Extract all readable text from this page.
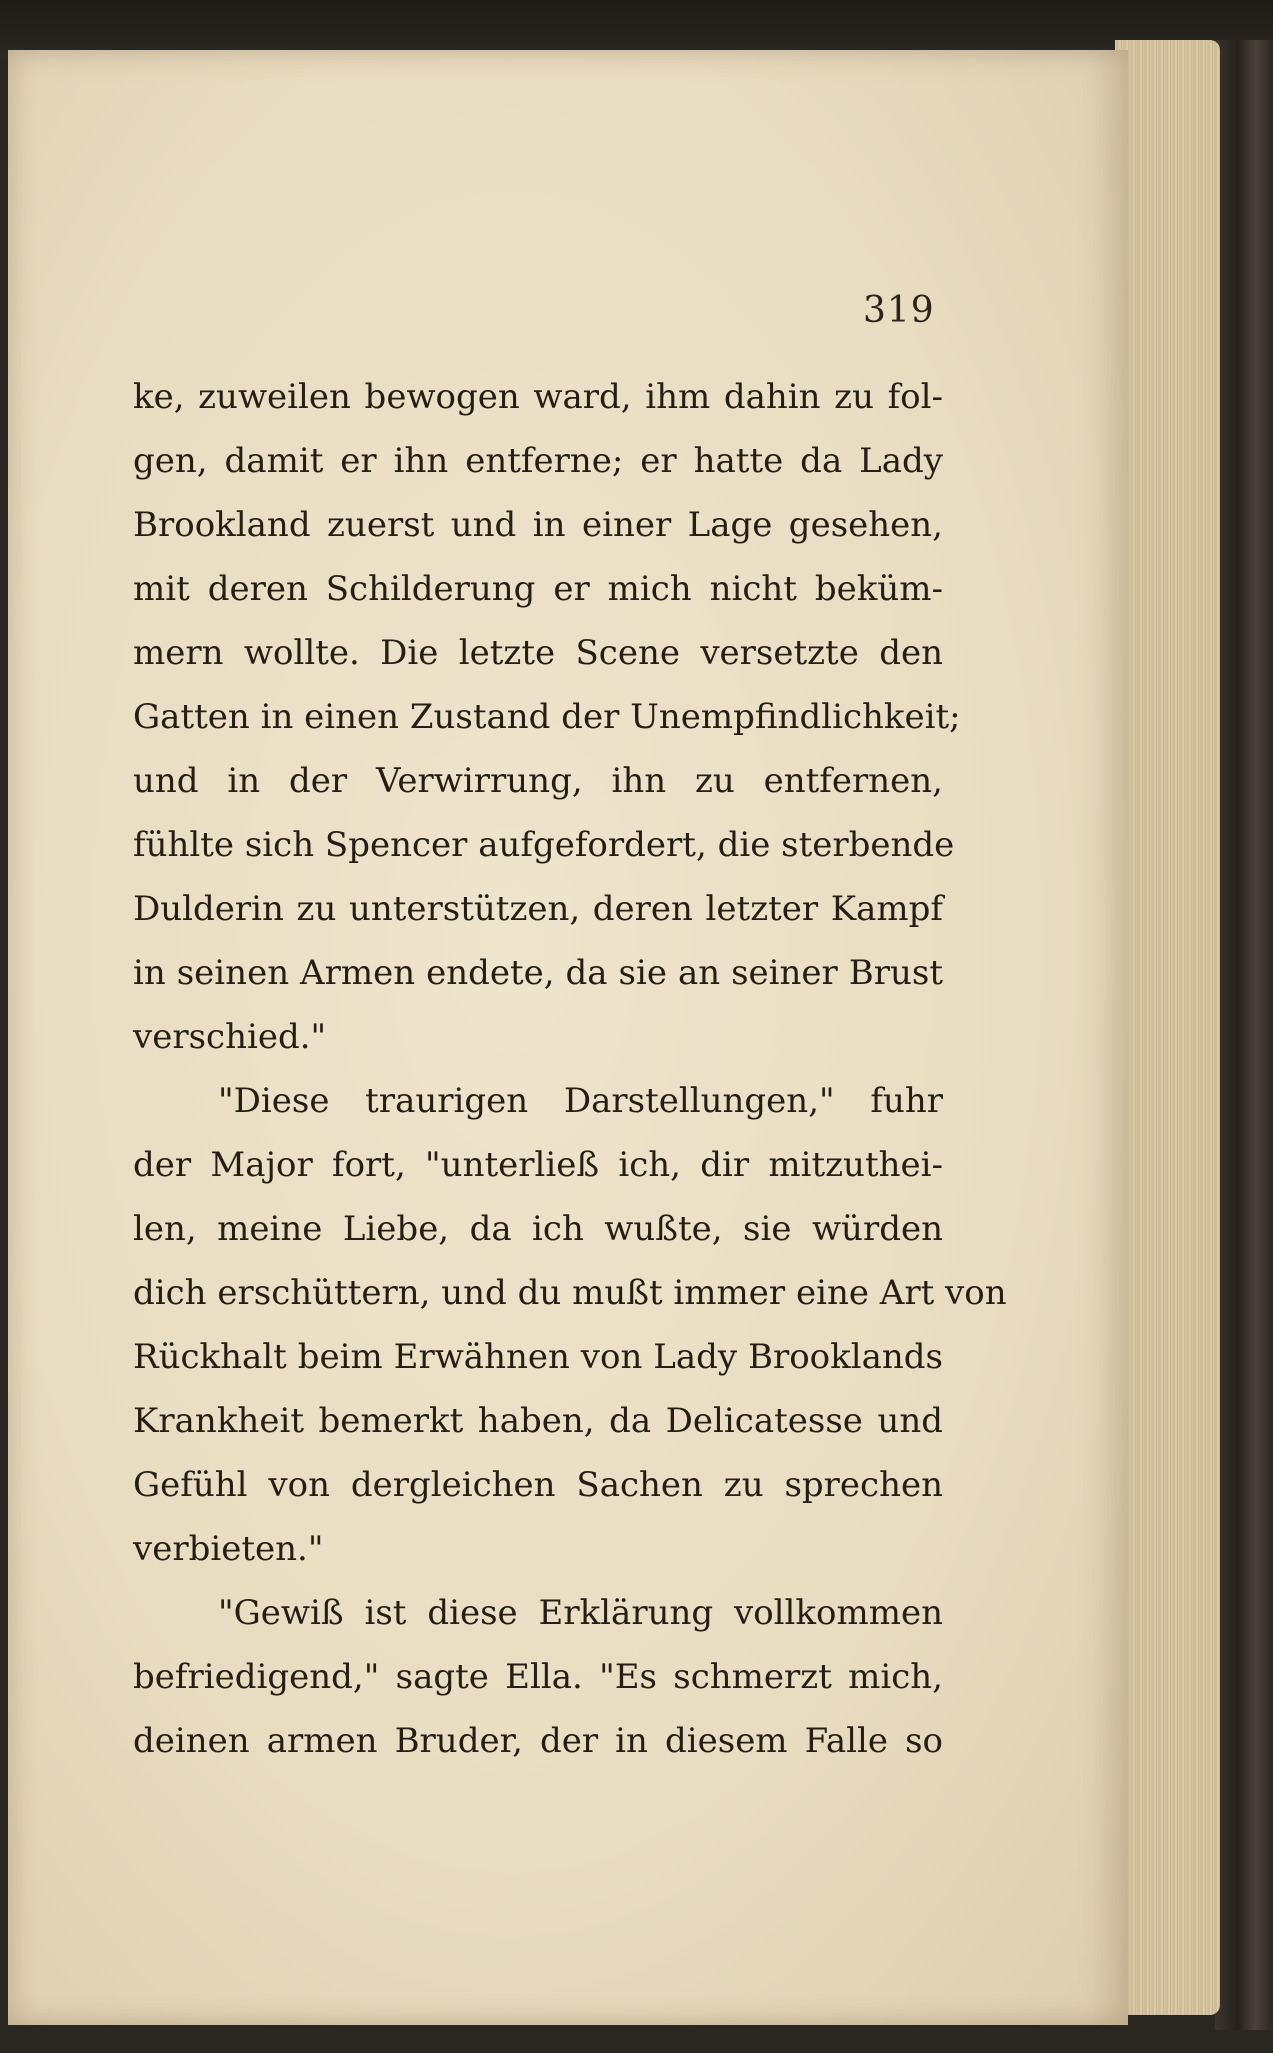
319
ke, zuweilen bewogen ward, ihm dahin zu fol-
gen, damit er ihn entferne; er hatte da Lady
Brookland zuerst und in einer Lage gesehen,
mit deren Schilderung er mich nicht beküm-
mern wollte. Die letzte Scene versetzte den
Gatten in einen Zustand der Unempfindlichkeit;
und in der Verwirrung, ihn zu entfernen,
fühlte sich Spencer aufgefordert, die sterbende
Dulderin zu unterstützen, deren letzter Kampf
in seinen Armen endete, da sie an seiner Brust
verschied."
"Diese traurigen Darstellungen," fuhr
der Major fort, "unterließ ich, dir mitzuthei-
len, meine Liebe, da ich wußte, sie würden
dich erschüttern, und du mußt immer eine Art von
Rückhalt beim Erwähnen von Lady Brooklands
Krankheit bemerkt haben, da Delicatesse und
Gefühl von dergleichen Sachen zu sprechen
verbieten."
"Gewiß ist diese Erklärung vollkommen
befriedigend," sagte Ella. "Es schmerzt mich,
deinen armen Bruder, der in diesem Falle so
